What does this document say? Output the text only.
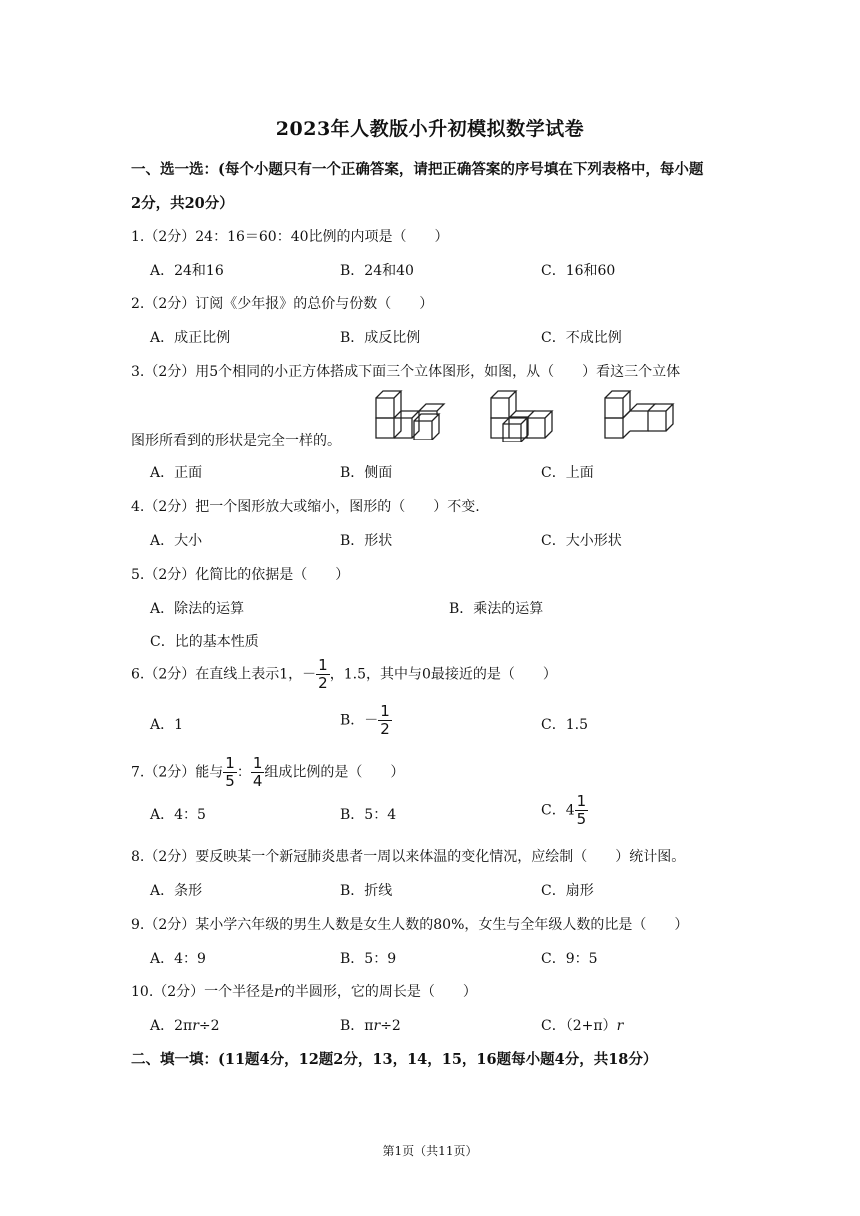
2023年人教版小升初模拟数学试卷
一、选一选：(每个小题只有一个正确答案，请把正确答案的序号填在下列表格中，每小题
2分，共20分）
1.（2分）24：16＝60：40比例的内项是（　　）
A．24和16	B．24和40	C．16和60
2.（2分）订阅《少年报》的总价与份数（　　）
A．成正比例	B．成反比例	C．不成比例
3.（2分）用5个相同的小正方体搭成下面三个立体图形，如图，从（　　）看这三个立体
图形所看到的形状是完全一样的。
A．正面	B．侧面	C．上面
4.（2分）把一个图形放大或缩小，图形的（　　）不变.
A．大小	B．形状	C．大小形状
5.（2分）化简比的依据是（　　）
A．除法的运算	B．乘法的运算
C．比的基本性质
6.（2分）在直线上表示1，－ $\frac{1}{2}$ ，1.5，其中与0最接近的是（　　）
A．1	B．－ $\frac{1}{2}$	C．1.5
7.（2分）能与 $\frac{1}{5}$ ： $\frac{1}{4}$ 组成比例的是（　　）
A．4：5	B．5：4	C．$4 \frac{1}{5}$
8.（2分）要反映某一个新冠肺炎患者一周以来体温的变化情况，应绘制（　　）统计图。
A．条形	B．折线	C．扇形
9.（2分）某小学六年级的男生人数是女生人数的80%，女生与全年级人数的比是（　　）
A．4：9	B．5：9	C．9：5
10.（2分）一个半径是r的半圆形，它的周长是（　　）
A．2πr÷2	B．πr÷2	C．（2+π）r
二、填一填：(11题4分，12题2分，13，14，15，16题每小题4分，共18分）
第1页（共11页）
